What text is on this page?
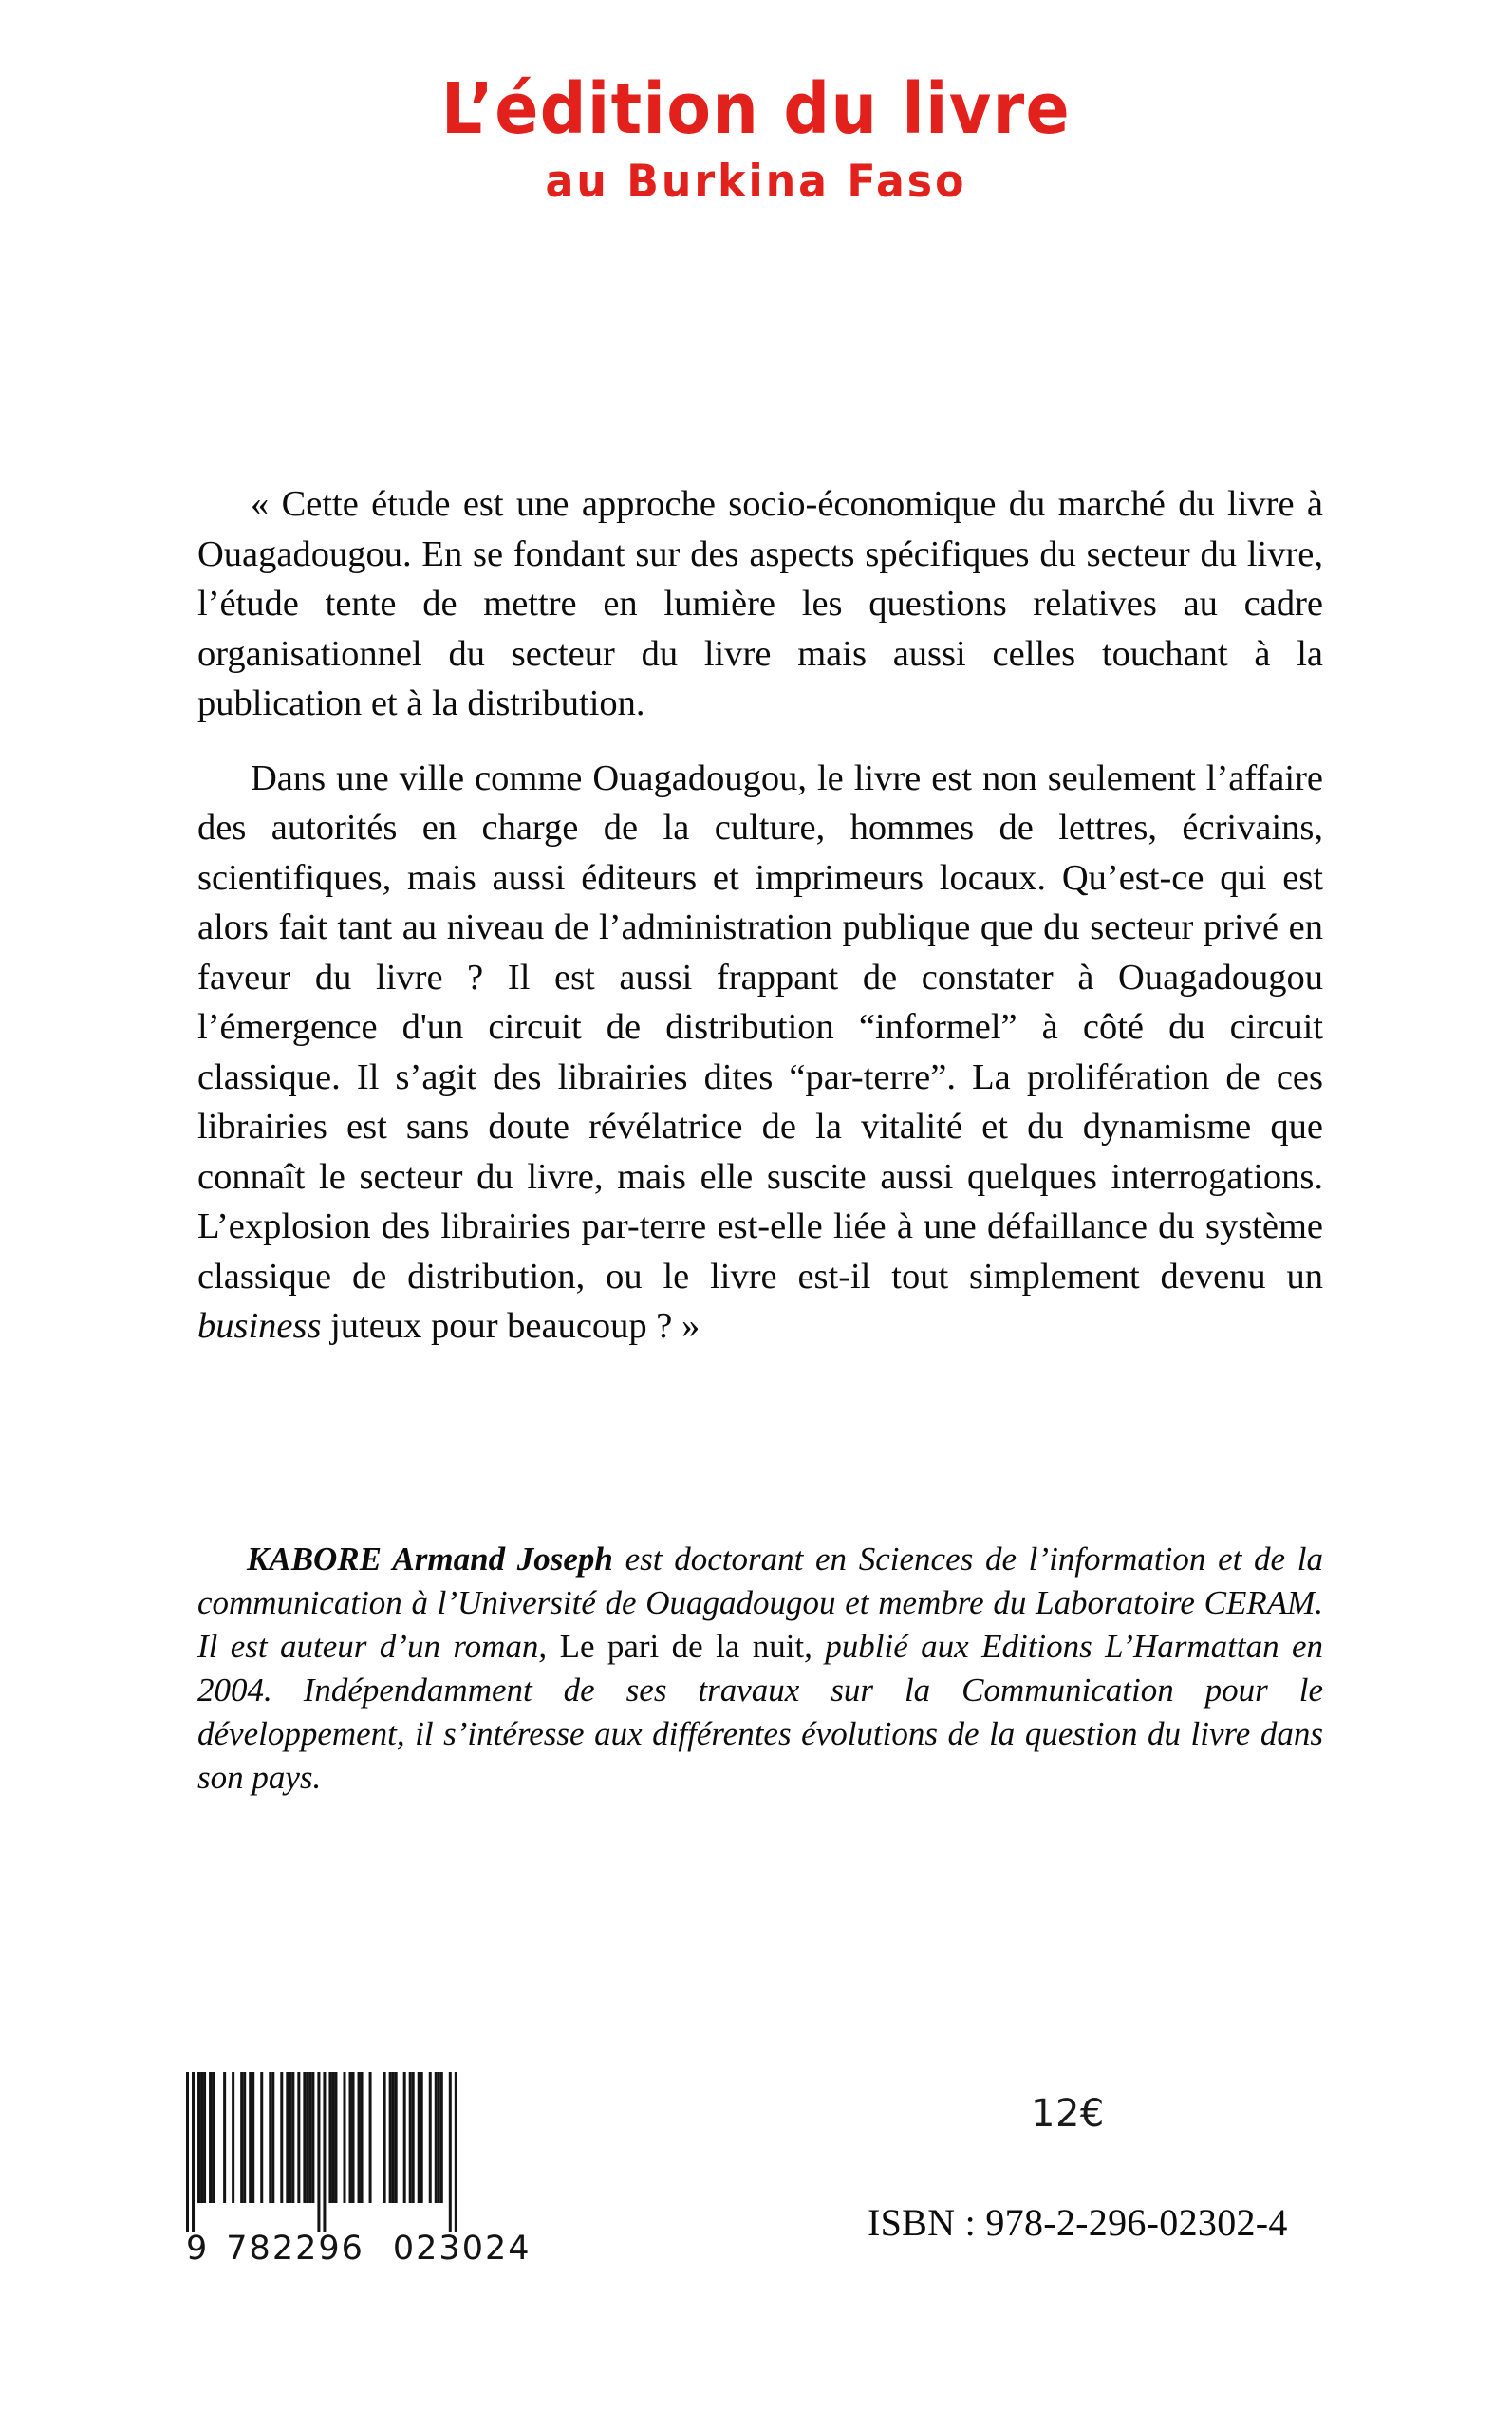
L’édition du livre
au Burkina Faso

« Cette étude est une approche socio-économique du marché du livre à Ouagadougou. En se fondant sur des aspects spécifiques du secteur du livre, l’étude tente de mettre en lumière les questions relatives au cadre organisationnel du secteur du livre mais aussi celles touchant à la publication et à la distribution.

Dans une ville comme Ouagadougou, le livre est non seulement l’affaire des autorités en charge de la culture, hommes de lettres, écrivains, scientifiques, mais aussi éditeurs et imprimeurs locaux. Qu’est-ce qui est alors fait tant au niveau de l’administration publique que du secteur privé en faveur du livre ? Il est aussi frappant de constater à Ouagadougou l’émergence d'un circuit de distribution “informel” à côté du circuit classique. Il s’agit des librairies dites “par-terre”. La prolifération de ces librairies est sans doute révélatrice de la vitalité et du dynamisme que connaît le secteur du livre, mais elle suscite aussi quelques interrogations. L’explosion des librairies par-terre est-elle liée à une défaillance du système classique de distribution, ou le livre est-il tout simplement devenu un business juteux pour beaucoup ? »

KABORE Armand Joseph est doctorant en Sciences de l’information et de la communication à l’Université de Ouagadougou et membre du Laboratoire CERAM. Il est auteur d’un roman, Le pari de la nuit, publié aux Editions L’Harmattan en 2004. Indépendamment de ses travaux sur la Communication pour le développement, il s’intéresse aux différentes évolutions de la question du livre dans son pays.

9 782296 023024
12€
ISBN : 978-2-296-02302-4
